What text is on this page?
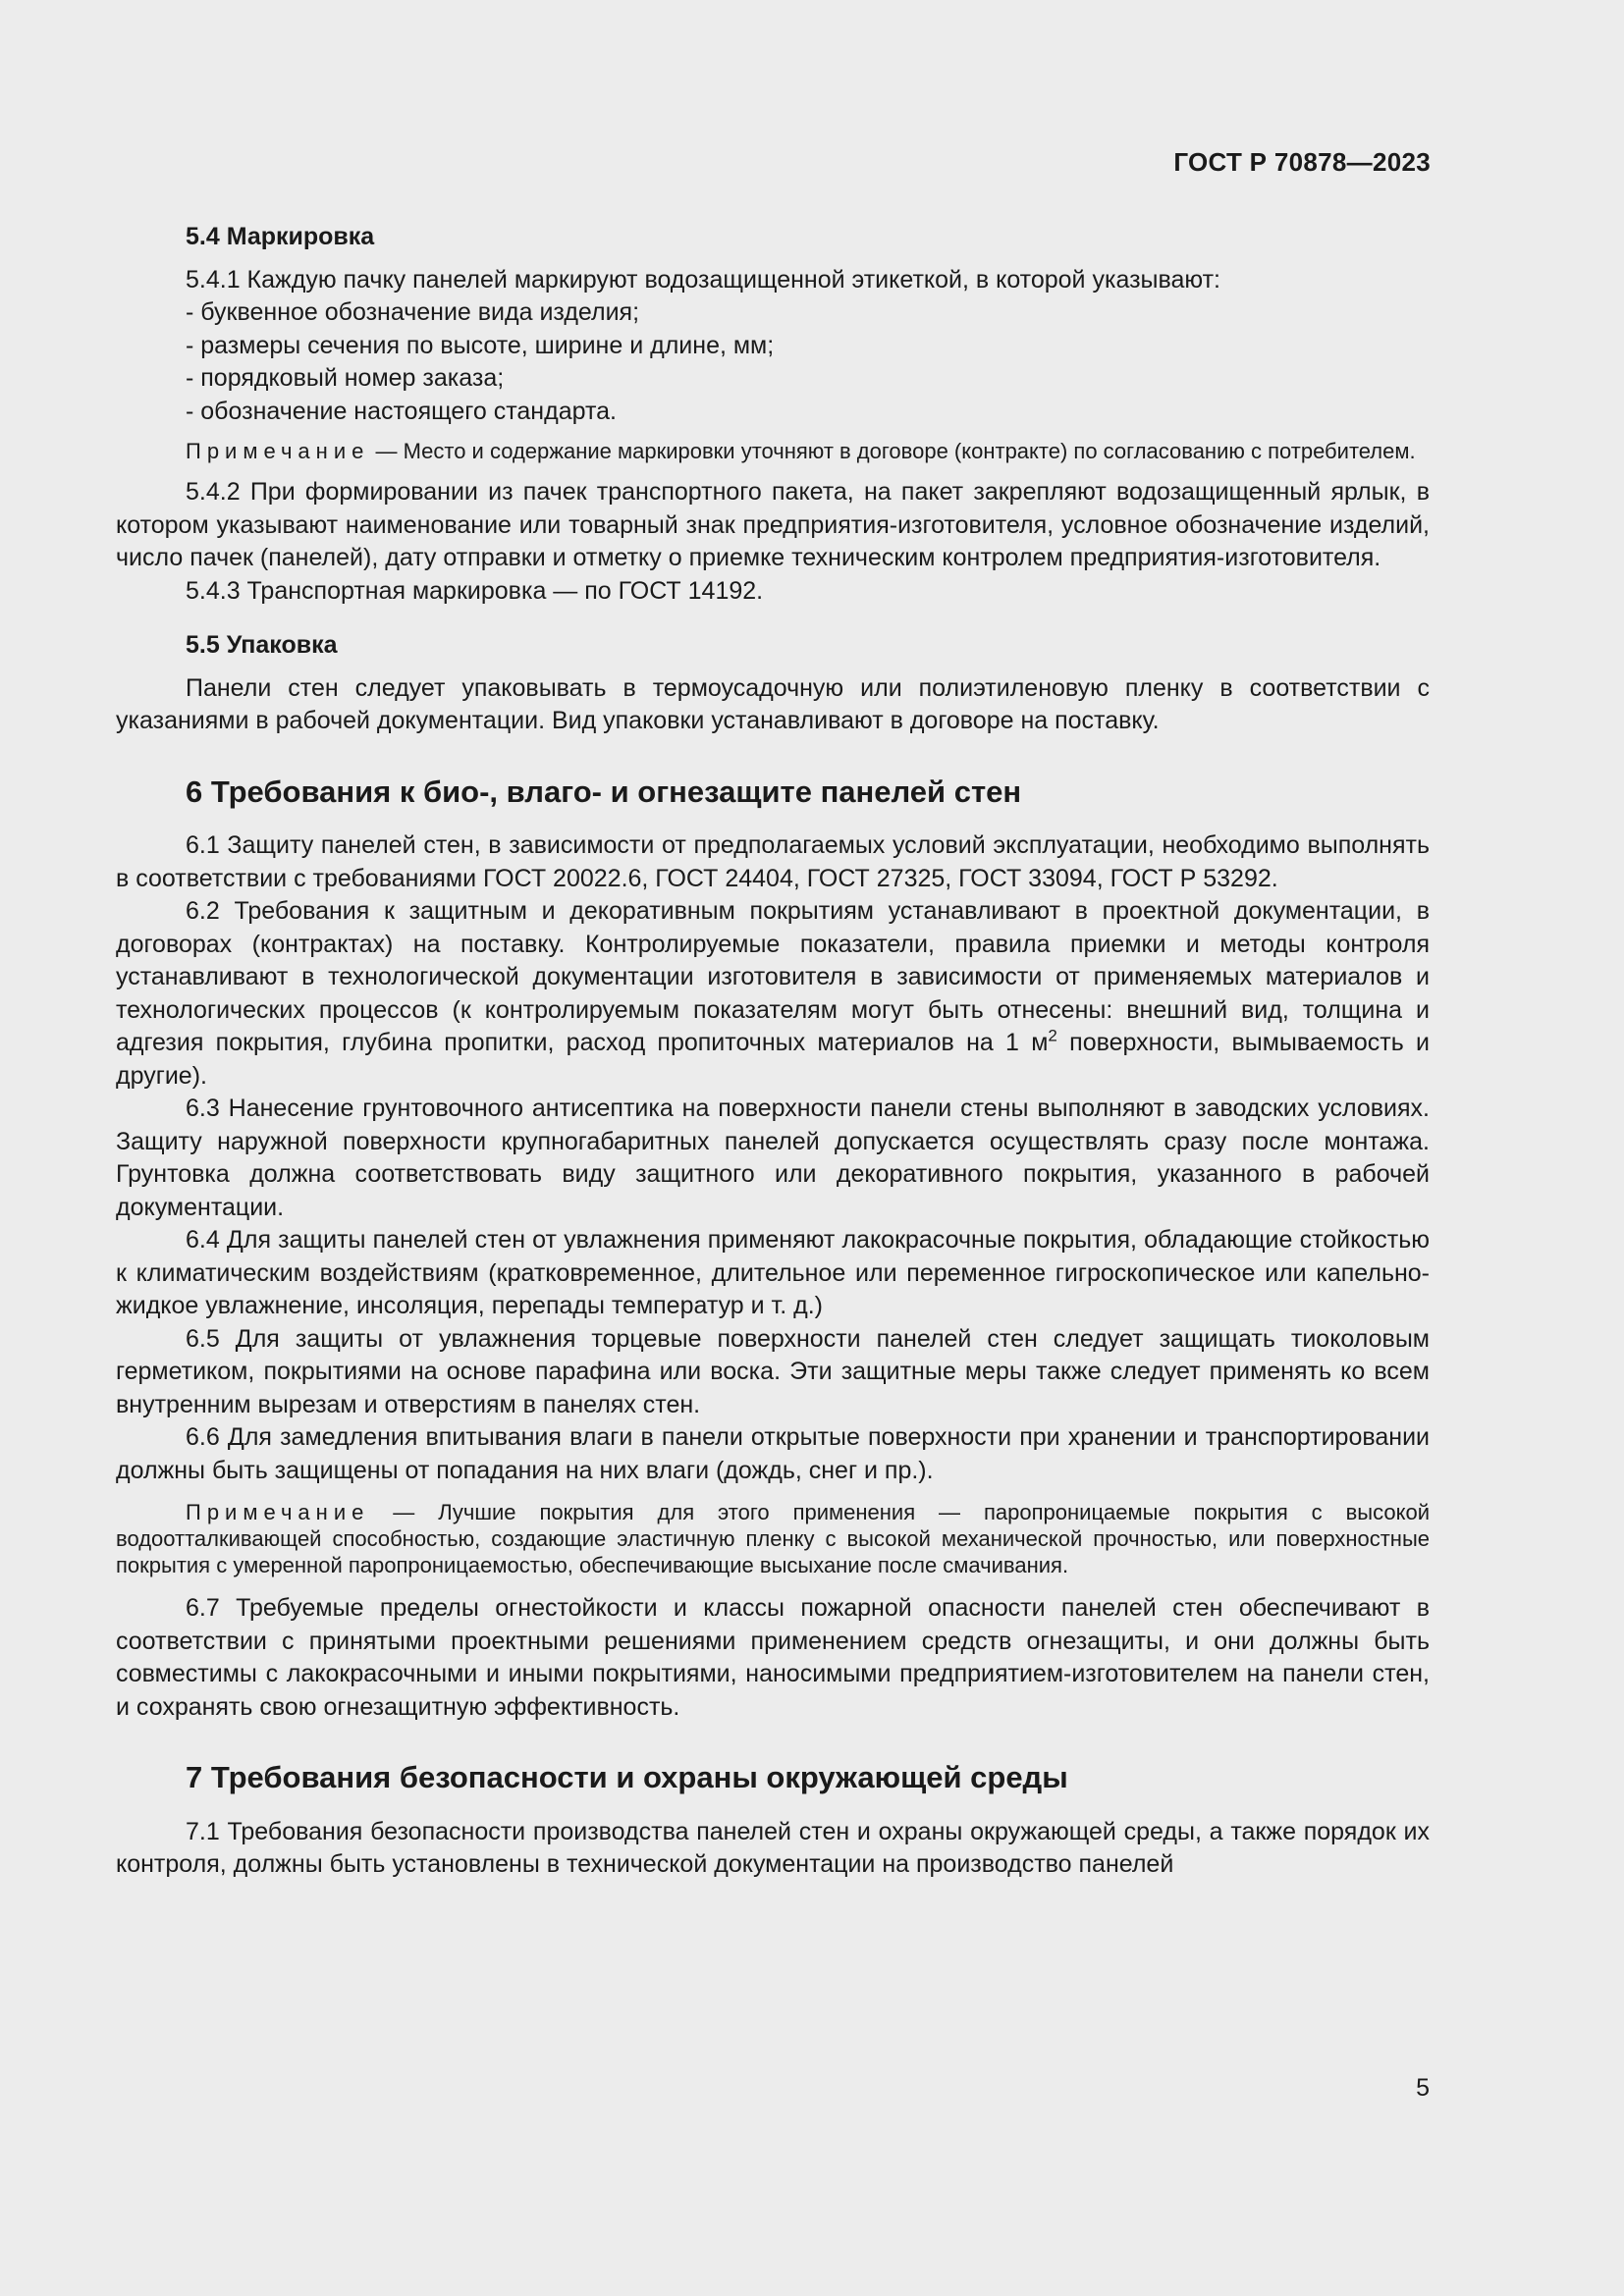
ГОСТ Р 70878—2023

5.4 Маркировка

5.4.1 Каждую пачку панелей маркируют водозащищенной этикеткой, в которой указывают:

- буквенное обозначение вида изделия;
- размеры сечения по высоте, ширине и длине, мм;
- порядковый номер заказа;
- обозначение настоящего стандарта.

Примечание — Место и содержание маркировки уточняют в договоре (контракте) по согласованию с потребителем.

5.4.2 При формировании из пачек транспортного пакета, на пакет закрепляют водозащищенный ярлык, в котором указывают наименование или товарный знак предприятия-изготовителя, условное обозначение изделий, число пачек (панелей), дату отправки и отметку о приемке техническим контролем предприятия-изготовителя.

5.4.3 Транспортная маркировка — по ГОСТ 14192.

5.5 Упаковка

Панели стен следует упаковывать в термоусадочную или полиэтиленовую пленку в соответствии с указаниями в рабочей документации. Вид упаковки устанавливают в договоре на поставку.

6 Требования к био-, влаго- и огнезащите панелей стен

6.1 Защиту панелей стен, в зависимости от предполагаемых условий эксплуатации, необходимо выполнять в соответствии с требованиями ГОСТ 20022.6, ГОСТ 24404, ГОСТ 27325, ГОСТ 33094, ГОСТ Р 53292.

6.2 Требования к защитным и декоративным покрытиям устанавливают в проектной документации, в договорах (контрактах) на поставку. Контролируемые показатели, правила приемки и методы контроля устанавливают в технологической документации изготовителя в зависимости от применяемых материалов и технологических процессов (к контролируемым показателям могут быть отнесены: внешний вид, толщина и адгезия покрытия, глубина пропитки, расход пропиточных материалов на 1 $м^2$ поверхности, вымываемость и другие).

6.3 Нанесение грунтовочного антисептика на поверхности панели стены выполняют в заводских условиях. Защиту наружной поверхности крупногабаритных панелей допускается осуществлять сразу после монтажа. Грунтовка должна соответствовать виду защитного или декоративного покрытия, указанного в рабочей документации.

6.4 Для защиты панелей стен от увлажнения применяют лакокрасочные покрытия, обладающие стойкостью к климатическим воздействиям (кратковременное, длительное или переменное гигроскопическое или капельно-жидкое увлажнение, инсоляция, перепады температур и т. д.)

6.5 Для защиты от увлажнения торцевые поверхности панелей стен следует защищать тиоколовым герметиком, покрытиями на основе парафина или воска. Эти защитные меры также следует применять ко всем внутренним вырезам и отверстиям в панелях стен.

6.6 Для замедления впитывания влаги в панели открытые поверхности при хранении и транспортировании должны быть защищены от попадания на них влаги (дождь, снег и пр.).

Примечание — Лучшие покрытия для этого применения — паропроницаемые покрытия с высокой водоотталкивающей способностью, создающие эластичную пленку с высокой механической прочностью, или поверхностные покрытия с умеренной паропроницаемостью, обеспечивающие высыхание после смачивания.

6.7 Требуемые пределы огнестойкости и классы пожарной опасности панелей стен обеспечивают в соответствии с принятыми проектными решениями применением средств огнезащиты, и они должны быть совместимы с лакокрасочными и иными покрытиями, наносимыми предприятием-изготовителем на панели стен, и сохранять свою огнезащитную эффективность.

7 Требования безопасности и охраны окружающей среды

7.1 Требования безопасности производства панелей стен и охраны окружающей среды, а также порядок их контроля, должны быть установлены в технической документации на производство панелей

5
